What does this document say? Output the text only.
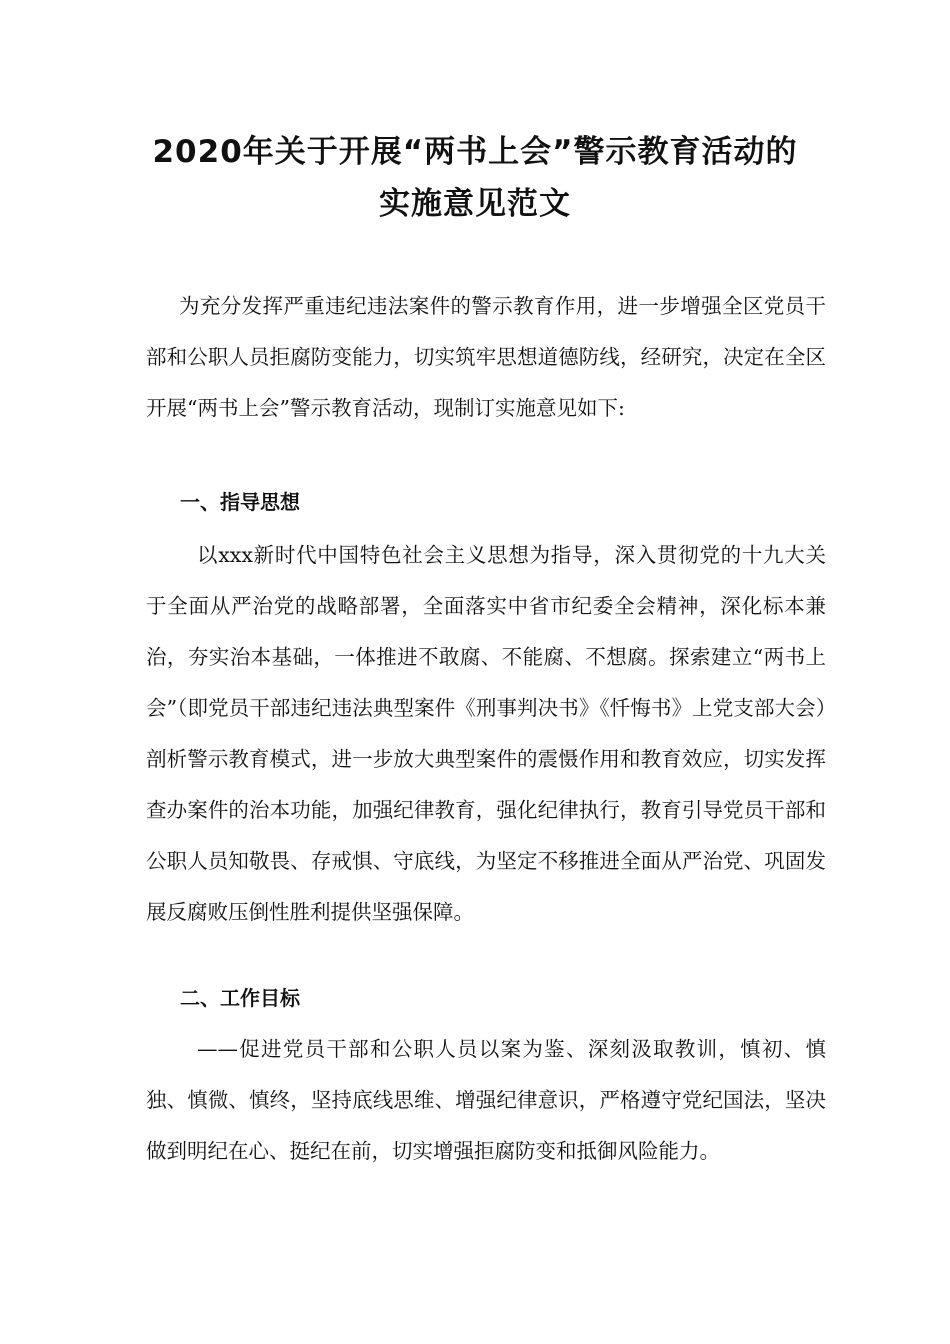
2020年关于开展“两书上会”警示教育活动的
实施意见范文

为充分发挥严重违纪违法案件的警示教育作用，进一步增强全区党员干部和公职人员拒腐防变能力，切实筑牢思想道德防线，经研究，决定在全区开展“两书上会”警示教育活动，现制订实施意见如下:

一、指导思想

以xxx新时代中国特色社会主义思想为指导，深入贯彻党的十九大关于全面从严治党的战略部署，全面落实中省市纪委全会精神，深化标本兼治，夯实治本基础，一体推进不敢腐、不能腐、不想腐。探索建立“两书上会”（即党员干部违纪违法典型案件《刑事判决书》《忏悔书》上党支部大会）剖析警示教育模式，进一步放大典型案件的震慑作用和教育效应，切实发挥查办案件的治本功能，加强纪律教育，强化纪律执行，教育引导党员干部和公职人员知敬畏、存戒惧、守底线，为坚定不移推进全面从严治党、巩固发展反腐败压倒性胜利提供坚强保障。

二、工作目标

——促进党员干部和公职人员以案为鉴、深刻汲取教训，慎初、慎独、慎微、慎终，坚持底线思维、增强纪律意识，严格遵守党纪国法，坚决做到明纪在心、挺纪在前，切实增强拒腐防变和抵御风险能力。
